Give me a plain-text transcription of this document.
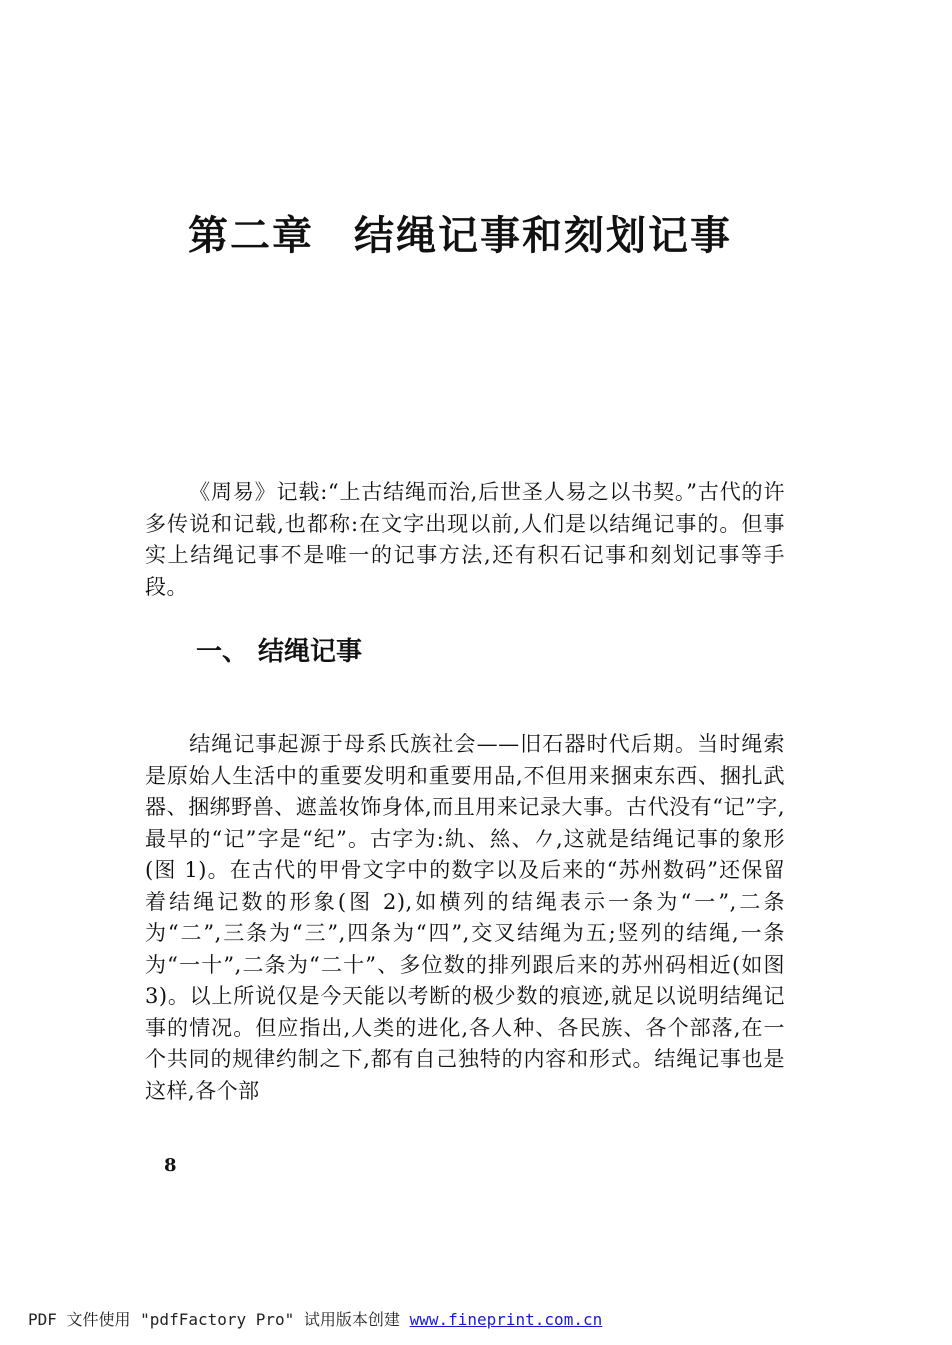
第二章 结绳记事和刻划记事

《周易》记载:“上古结绳而治,后世圣人易之以书契。”古代的许多传说和记载,也都称:在文字出现以前,人们是以结绳记事的。但事实上结绳记事不是唯一的记事方法,还有积石记事和刻划记事等手段。

一、 结绳记事

结绳记事起源于母系氏族社会——旧石器时代后期。当时绳索是原始人生活中的重要发明和重要用品,不但用来捆束东西、捆扎武器、捆绑野兽、遮盖妆饰身体,而且用来记录大事。古代没有“记”字,最早的“记”字是“纪”。古字为:䊵、𢇁、𠂊,这就是结绳记事的象形(图 1)。在古代的甲骨文字中的数字以及后来的“苏州数码”还保留着结绳记数的形象(图 2),如横列的结绳表示一条为“一”,二条为“二”,三条为“三”,四条为“四”,交叉结绳为五;竖列的结绳,一条为“一十”,二条为“二十”、多位数的排列跟后来的苏州码相近(如图 3)。以上所说仅是今天能以考断的极少数的痕迹,就足以说明结绳记事的情况。但应指出,人类的进化,各人种、各民族、各个部落,在一个共同的规律约制之下,都有自己独特的内容和形式。结绳记事也是这样,各个部

8
PDF 文件使用 "pdfFactory Pro" 试用版本创建 www.fineprint.com.cn
